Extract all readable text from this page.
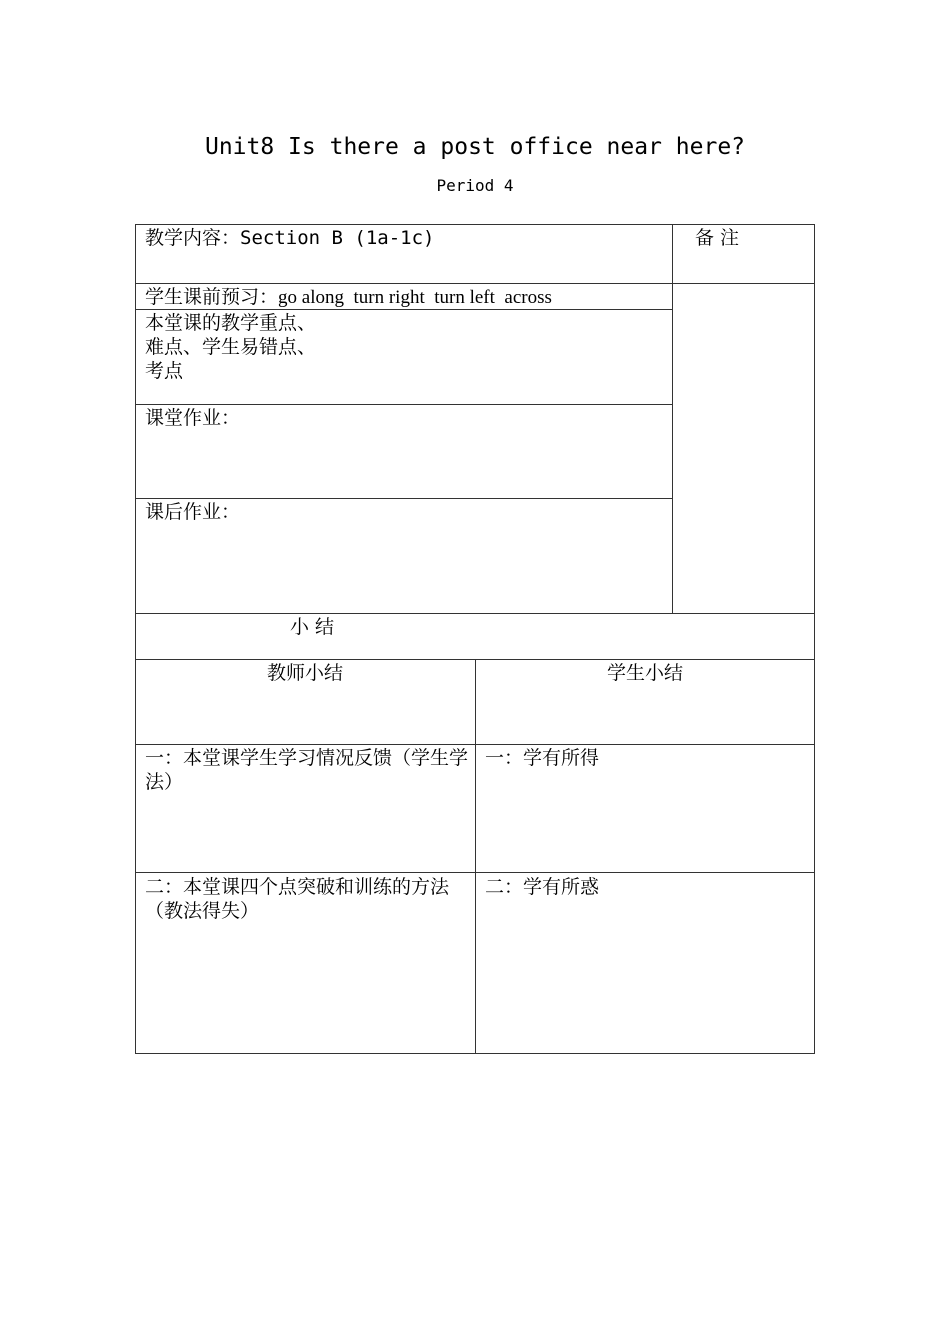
Unit8 Is there a post office near here?
Period 4
教学内容：Section B (1a-1c)	备 注
学生课前预习：go along  turn right  turn left  across
本堂课的教学重点、
难点、学生易错点、
考点
课堂作业：
课后作业：
小 结
教师小结	学生小结
一：本堂课学生学习情况反馈（学生学 法）
一：学有所得
二：本堂课四个点突破和训练的方法（教法得失）
二：学有所惑
